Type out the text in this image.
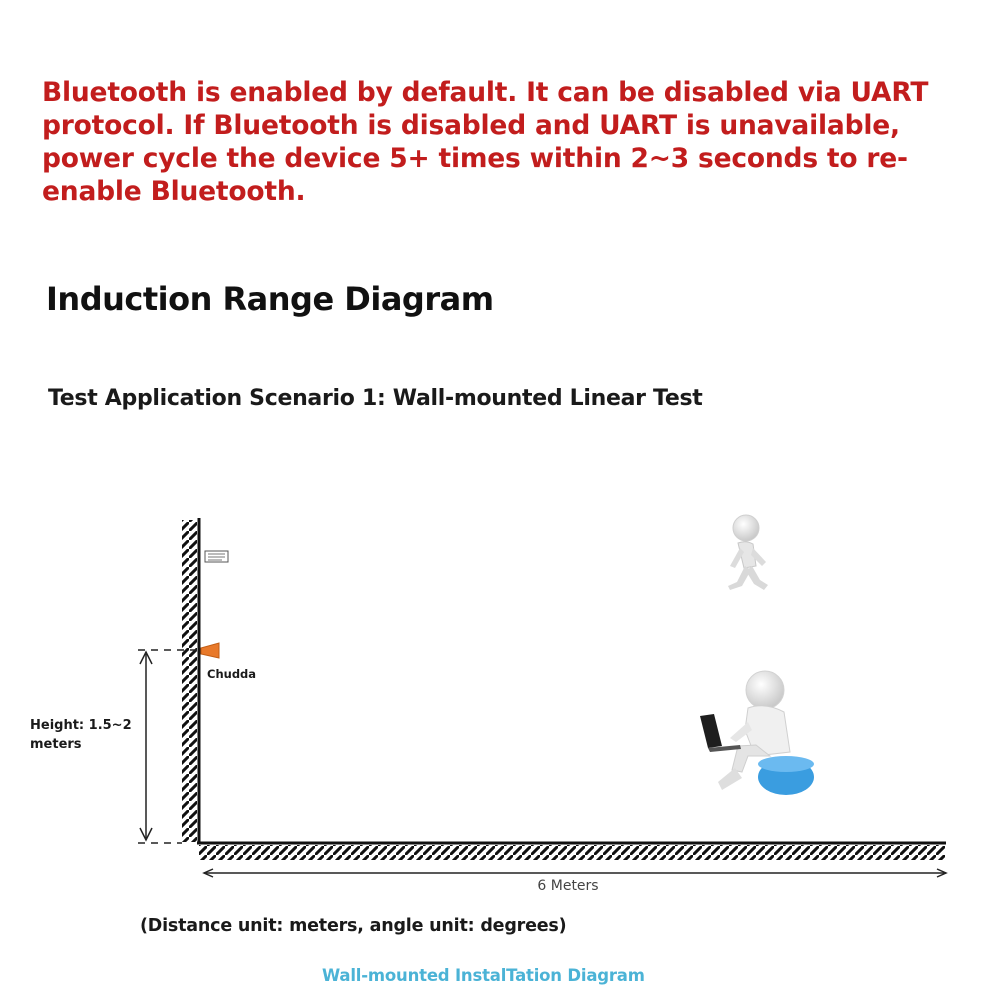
Bluetooth is enabled by default. It can be disabled via UART protocol. If Bluetooth is disabled and UART is unavailable, power cycle the device 5+ times within 2~3 seconds to re-enable Bluetooth.

Induction Range Diagram
Test Application Scenario 1: Wall-mounted Linear Test
Chudda
Height: 1.5~2
meters
6 Meters

(Distance unit: meters, angle unit: degrees)

Wall-mounted InstalTation Diagram
